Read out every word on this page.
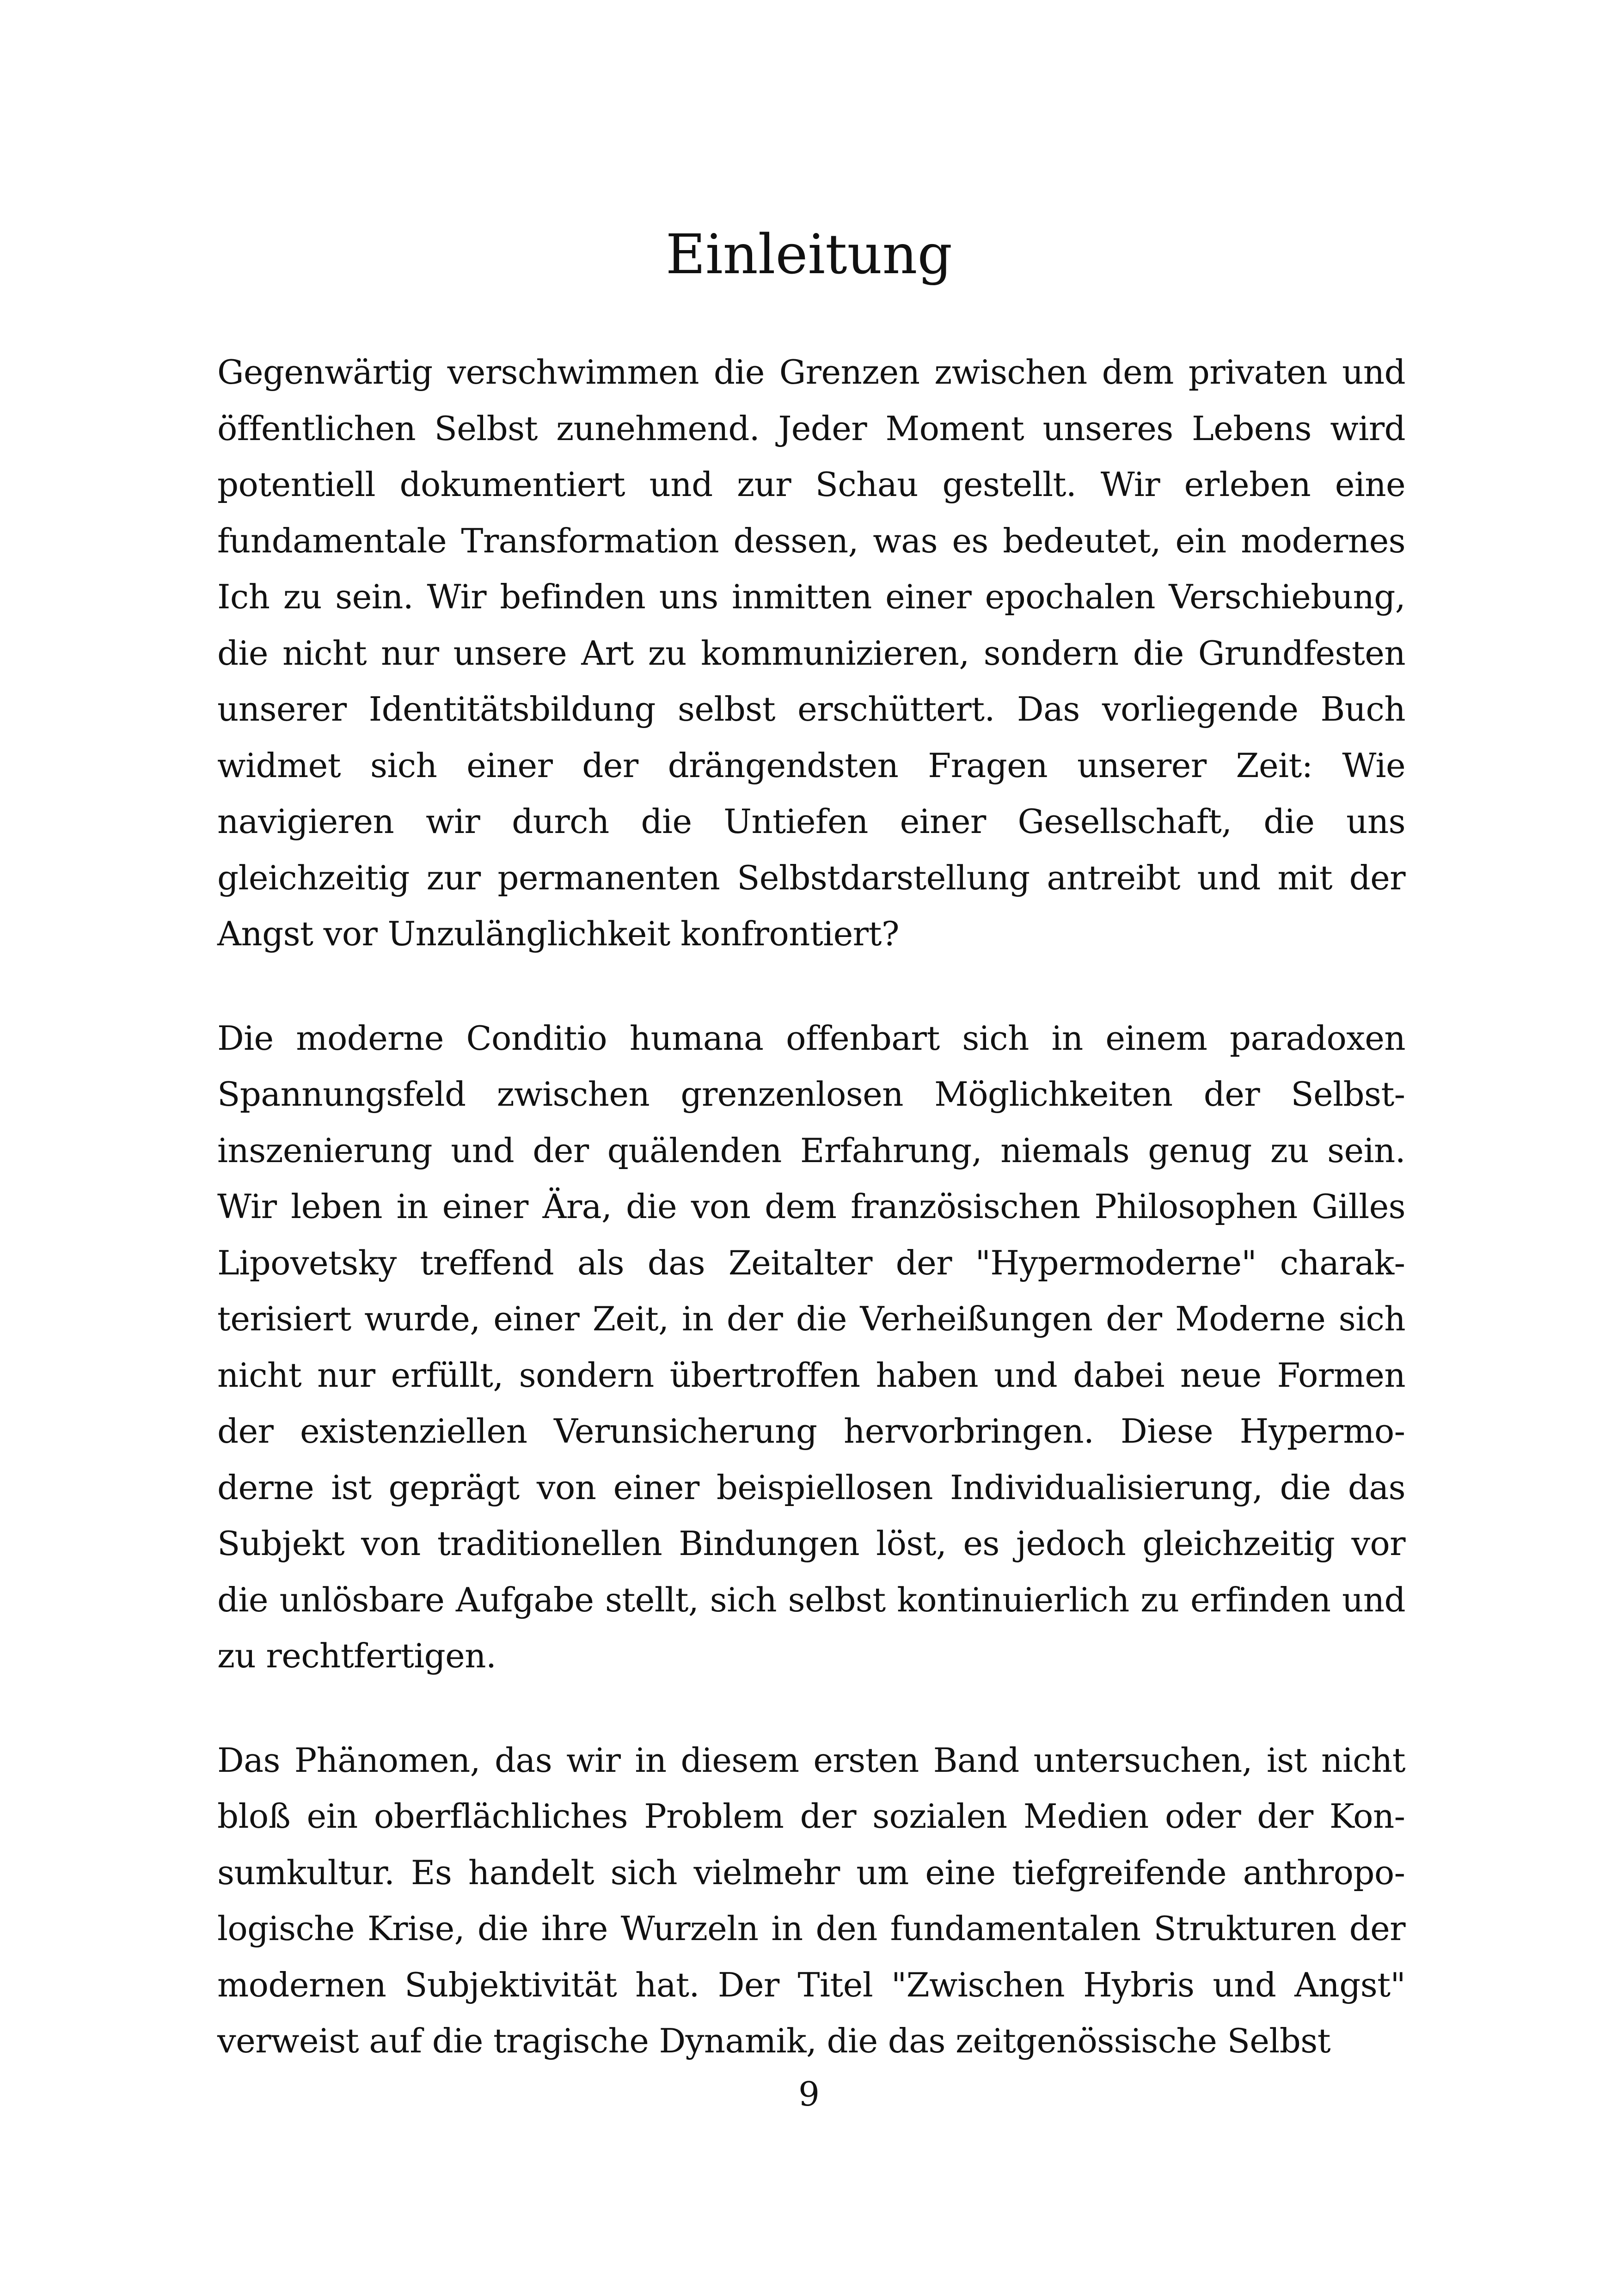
Einleitung

Gegenwärtig verschwimmen die Grenzen zwischen dem privaten und öffentlichen Selbst zunehmend. Jeder Moment unseres Lebens wird potentiell dokumentiert und zur Schau gestellt. Wir erleben eine fundamentale Transformation dessen, was es bedeutet, ein modernes Ich zu sein. Wir befinden uns inmitten einer epochalen Verschiebung, die nicht nur unsere Art zu kommunizieren, sondern die Grundfesten unserer Identitätsbildung selbst erschüttert. Das vorliegende Buch widmet sich einer der drängendsten Fragen unserer Zeit: Wie navigieren wir durch die Untiefen einer Gesellschaft, die uns gleichzeitig zur permanenten Selbstdarstellung antreibt und mit der Angst vor Unzulänglichkeit konfrontiert?

Die moderne Conditio humana offenbart sich in einem paradoxen Spannungsfeld zwischen grenzenlosen Möglichkeiten der Selbstinszenierung und der quälenden Erfahrung, niemals genug zu sein. Wir leben in einer Ära, die von dem französischen Philosophen Gilles Lipovetsky treffend als das Zeitalter der "Hypermoderne" charakterisiert wurde, einer Zeit, in der die Verheißungen der Moderne sich nicht nur erfüllt, sondern übertroffen haben und dabei neue Formen der existenziellen Verunsicherung hervorbringen. Diese Hypermoderne ist geprägt von einer beispiellosen Individualisierung, die das Subjekt von traditionellen Bindungen löst, es jedoch gleichzeitig vor die unlösbare Aufgabe stellt, sich selbst kontinuierlich zu erfinden und zu rechtfertigen.

Das Phänomen, das wir in diesem ersten Band untersuchen, ist nicht bloß ein oberflächliches Problem der sozialen Medien oder der Konsumkultur. Es handelt sich vielmehr um eine tiefgreifende anthropologische Krise, die ihre Wurzeln in den fundamentalen Strukturen der modernen Subjektivität hat. Der Titel "Zwischen Hybris und Angst" verweist auf die tragische Dynamik, die das zeitgenössische Selbst

9
